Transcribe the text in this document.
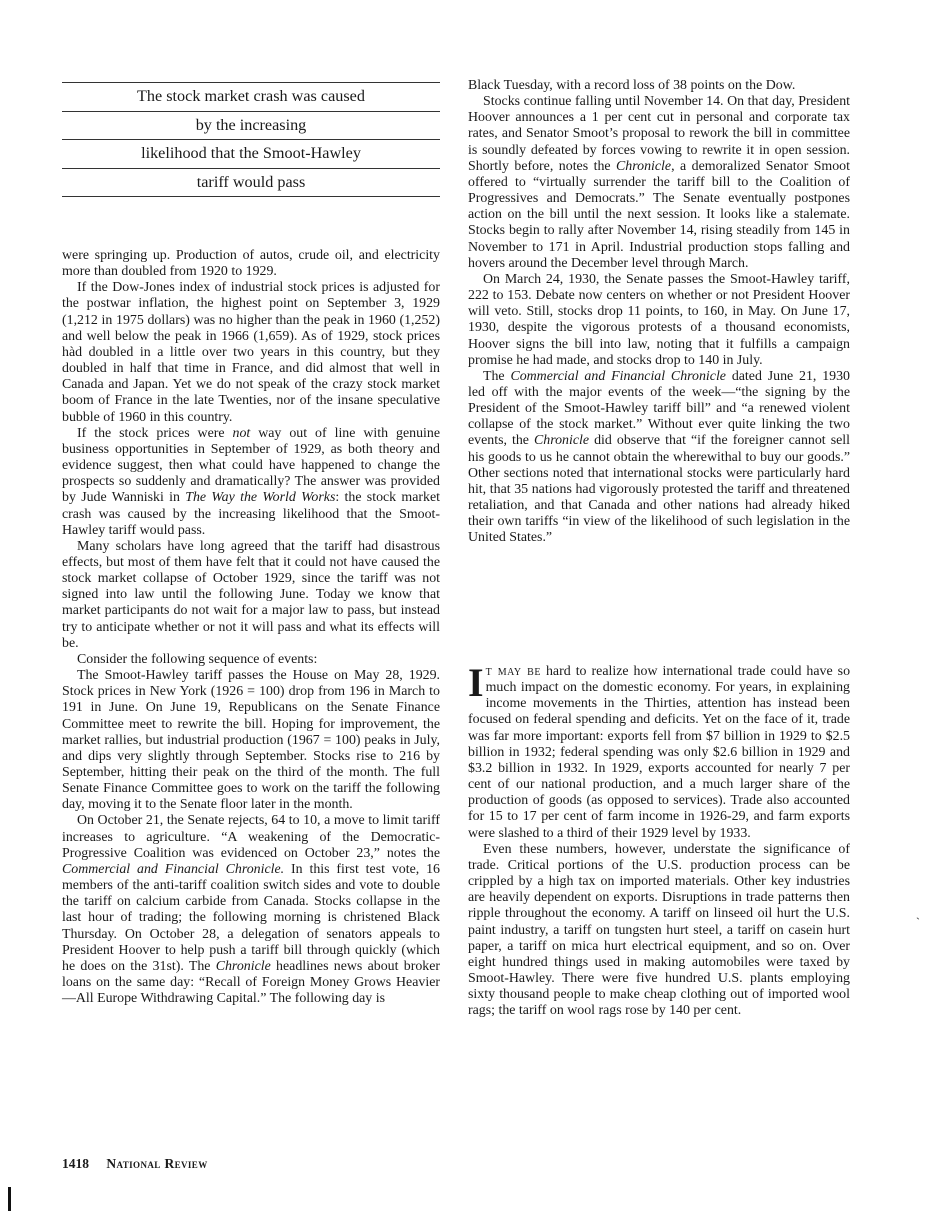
The stock market crash was caused
by the increasing
likelihood that the Smoot-Hawley
tariff would pass

were springing up. Production of autos, crude oil, and electricity more than doubled from 1920 to 1929.

If the Dow-Jones index of industrial stock prices is adjusted for the postwar inflation, the highest point on September 3, 1929 (1,212 in 1975 dollars) was no higher than the peak in 1960 (1,252) and well below the peak in 1966 (1,659). As of 1929, stock prices hàd doubled in a little over two years in this country, but they doubled in half that time in France, and did almost that well in Canada and Japan. Yet we do not speak of the crazy stock market boom of France in the late Twenties, nor of the insane speculative bubble of 1960 in this country.

If the stock prices were not way out of line with genuine business opportunities in September of 1929, as both theory and evidence suggest, then what could have happened to change the prospects so suddenly and dramatically? The answer was provided by Jude Wanniski in The Way the World Works: the stock market crash was caused by the increasing likelihood that the Smoot-Hawley tariff would pass.

Many scholars have long agreed that the tariff had disastrous effects, but most of them have felt that it could not have caused the stock market collapse of October 1929, since the tariff was not signed into law until the following June. Today we know that market participants do not wait for a major law to pass, but instead try to anticipate whether or not it will pass and what its effects will be.

Consider the following sequence of events:

The Smoot-Hawley tariff passes the House on May 28, 1929. Stock prices in New York (1926 = 100) drop from 196 in March to 191 in June. On June 19, Republicans on the Senate Finance Committee meet to rewrite the bill. Hoping for improvement, the market rallies, but industrial production (1967 = 100) peaks in July, and dips very slightly through September. Stocks rise to 216 by September, hitting their peak on the third of the month. The full Senate Finance Committee goes to work on the tariff the following day, moving it to the Senate floor later in the month.

On October 21, the Senate rejects, 64 to 10, a move to limit tariff increases to agriculture. “A weakening of the Democratic-Progressive Coalition was evidenced on October 23,” notes the Commercial and Financial Chronicle. In this first test vote, 16 members of the anti-tariff coalition switch sides and vote to double the tariff on calcium carbide from Canada. Stocks collapse in the last hour of trading; the following morning is christened Black Thursday. On October 28, a delegation of senators appeals to President Hoover to help push a tariff bill through quickly (which he does on the 31st). The Chronicle headlines news about broker loans on the same day: “Recall of Foreign Money Grows Heavier —All Europe Withdrawing Capital.” The following day is

Black Tuesday, with a record loss of 38 points on the Dow.

Stocks continue falling until November 14. On that day, President Hoover announces a 1 per cent cut in personal and corporate tax rates, and Senator Smoot’s proposal to rework the bill in committee is soundly defeated by forces vowing to rewrite it in open session. Shortly before, notes the Chronicle, a demoralized Senator Smoot offered to “virtually surrender the tariff bill to the Coalition of Progressives and Democrats.” The Senate eventually postpones action on the bill until the next session. It looks like a stalemate. Stocks begin to rally after November 14, rising steadily from 145 in November to 171 in April. Industrial production stops falling and hovers around the December level through March.

On March 24, 1930, the Senate passes the Smoot-Hawley tariff, 222 to 153. Debate now centers on whether or not President Hoover will veto. Still, stocks drop 11 points, to 160, in May. On June 17, 1930, despite the vigorous protests of a thousand economists, Hoover signs the bill into law, noting that it fulfills a campaign promise he had made, and stocks drop to 140 in July.

The Commercial and Financial Chronicle dated June 21, 1930 led off with the major events of the week—“the signing by the President of the Smoot-Hawley tariff bill” and “a renewed violent collapse of the stock market.” Without ever quite linking the two events, the Chronicle did observe that “if the foreigner cannot sell his goods to us he cannot obtain the wherewithal to buy our goods.” Other sections noted that international stocks were particularly hard hit, that 35 nations had vigorously protested the tariff and threatened retaliation, and that Canada and other nations had already hiked their own tariffs “in view of the likelihood of such legislation in the United States.”

It may be hard to realize how international trade could have so much impact on the domestic economy. For years, in explaining income movements in the Thirties, attention has instead been focused on federal spending and deficits. Yet on the face of it, trade was far more important: exports fell from $7 billion in 1929 to $2.5 billion in 1932; federal spending was only $2.6 billion in 1929 and $3.2 billion in 1932. In 1929, exports accounted for nearly 7 per cent of our national production, and a much larger share of the production of goods (as opposed to services). Trade also accounted for 15 to 17 per cent of farm income in 1926-29, and farm exports were slashed to a third of their 1929 level by 1933.

Even these numbers, however, understate the significance of trade. Critical portions of the U.S. production process can be crippled by a high tax on imported materials. Other key industries are heavily dependent on exports. Disruptions in trade patterns then ripple throughout the economy. A tariff on linseed oil hurt the U.S. paint industry, a tariff on tungsten hurt steel, a tariff on casein hurt paper, a tariff on mica hurt electrical equipment, and so on. Over eight hundred things used in making automobiles were taxed by Smoot-Hawley. There were five hundred U.S. plants employing sixty thousand people to make cheap clothing out of imported wool rags; the tariff on wool rags rose by 140 per cent.

`
1418 National Review
